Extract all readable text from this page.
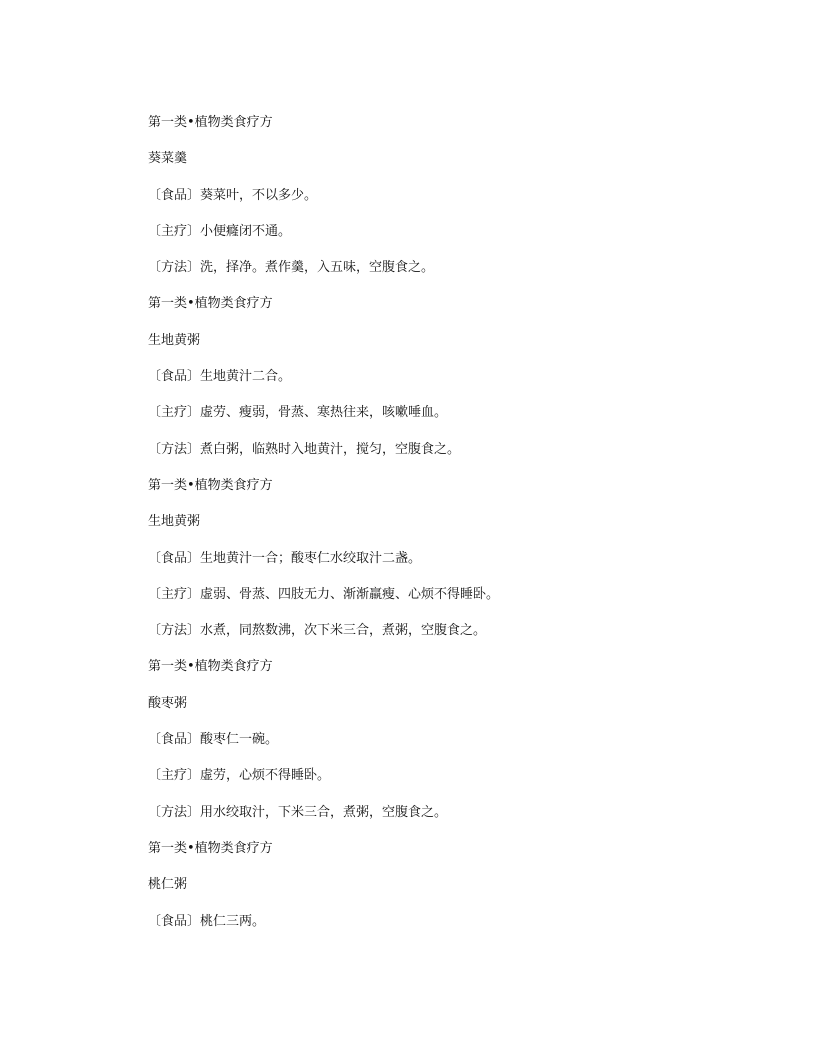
第一类•植物类食疗方
葵菜羹
〔食品〕葵菜叶，不以多少。
〔主疗〕小便癃闭不通。
〔方法〕洗，择净。煮作羹，入五味，空腹食之。
第一类•植物类食疗方
生地黄粥
〔食品〕生地黄汁二合。
〔主疗〕虚劳、瘦弱，骨蒸、寒热往来，咳嗽唾血。
〔方法〕煮白粥，临熟时入地黄汁，搅匀，空腹食之。
第一类•植物类食疗方
生地黄粥
〔食品〕生地黄汁一合；酸枣仁水绞取汁二盏。
〔主疗〕虚弱、骨蒸、四肢无力、渐渐羸瘦、心烦不得睡卧。
〔方法〕水煮，同熬数沸，次下米三合，煮粥，空腹食之。
第一类•植物类食疗方
酸枣粥
〔食品〕酸枣仁一碗。
〔主疗〕虚劳，心烦不得睡卧。
〔方法〕用水绞取汁，下米三合，煮粥，空腹食之。
第一类•植物类食疗方
桃仁粥
〔食品〕桃仁三两。
